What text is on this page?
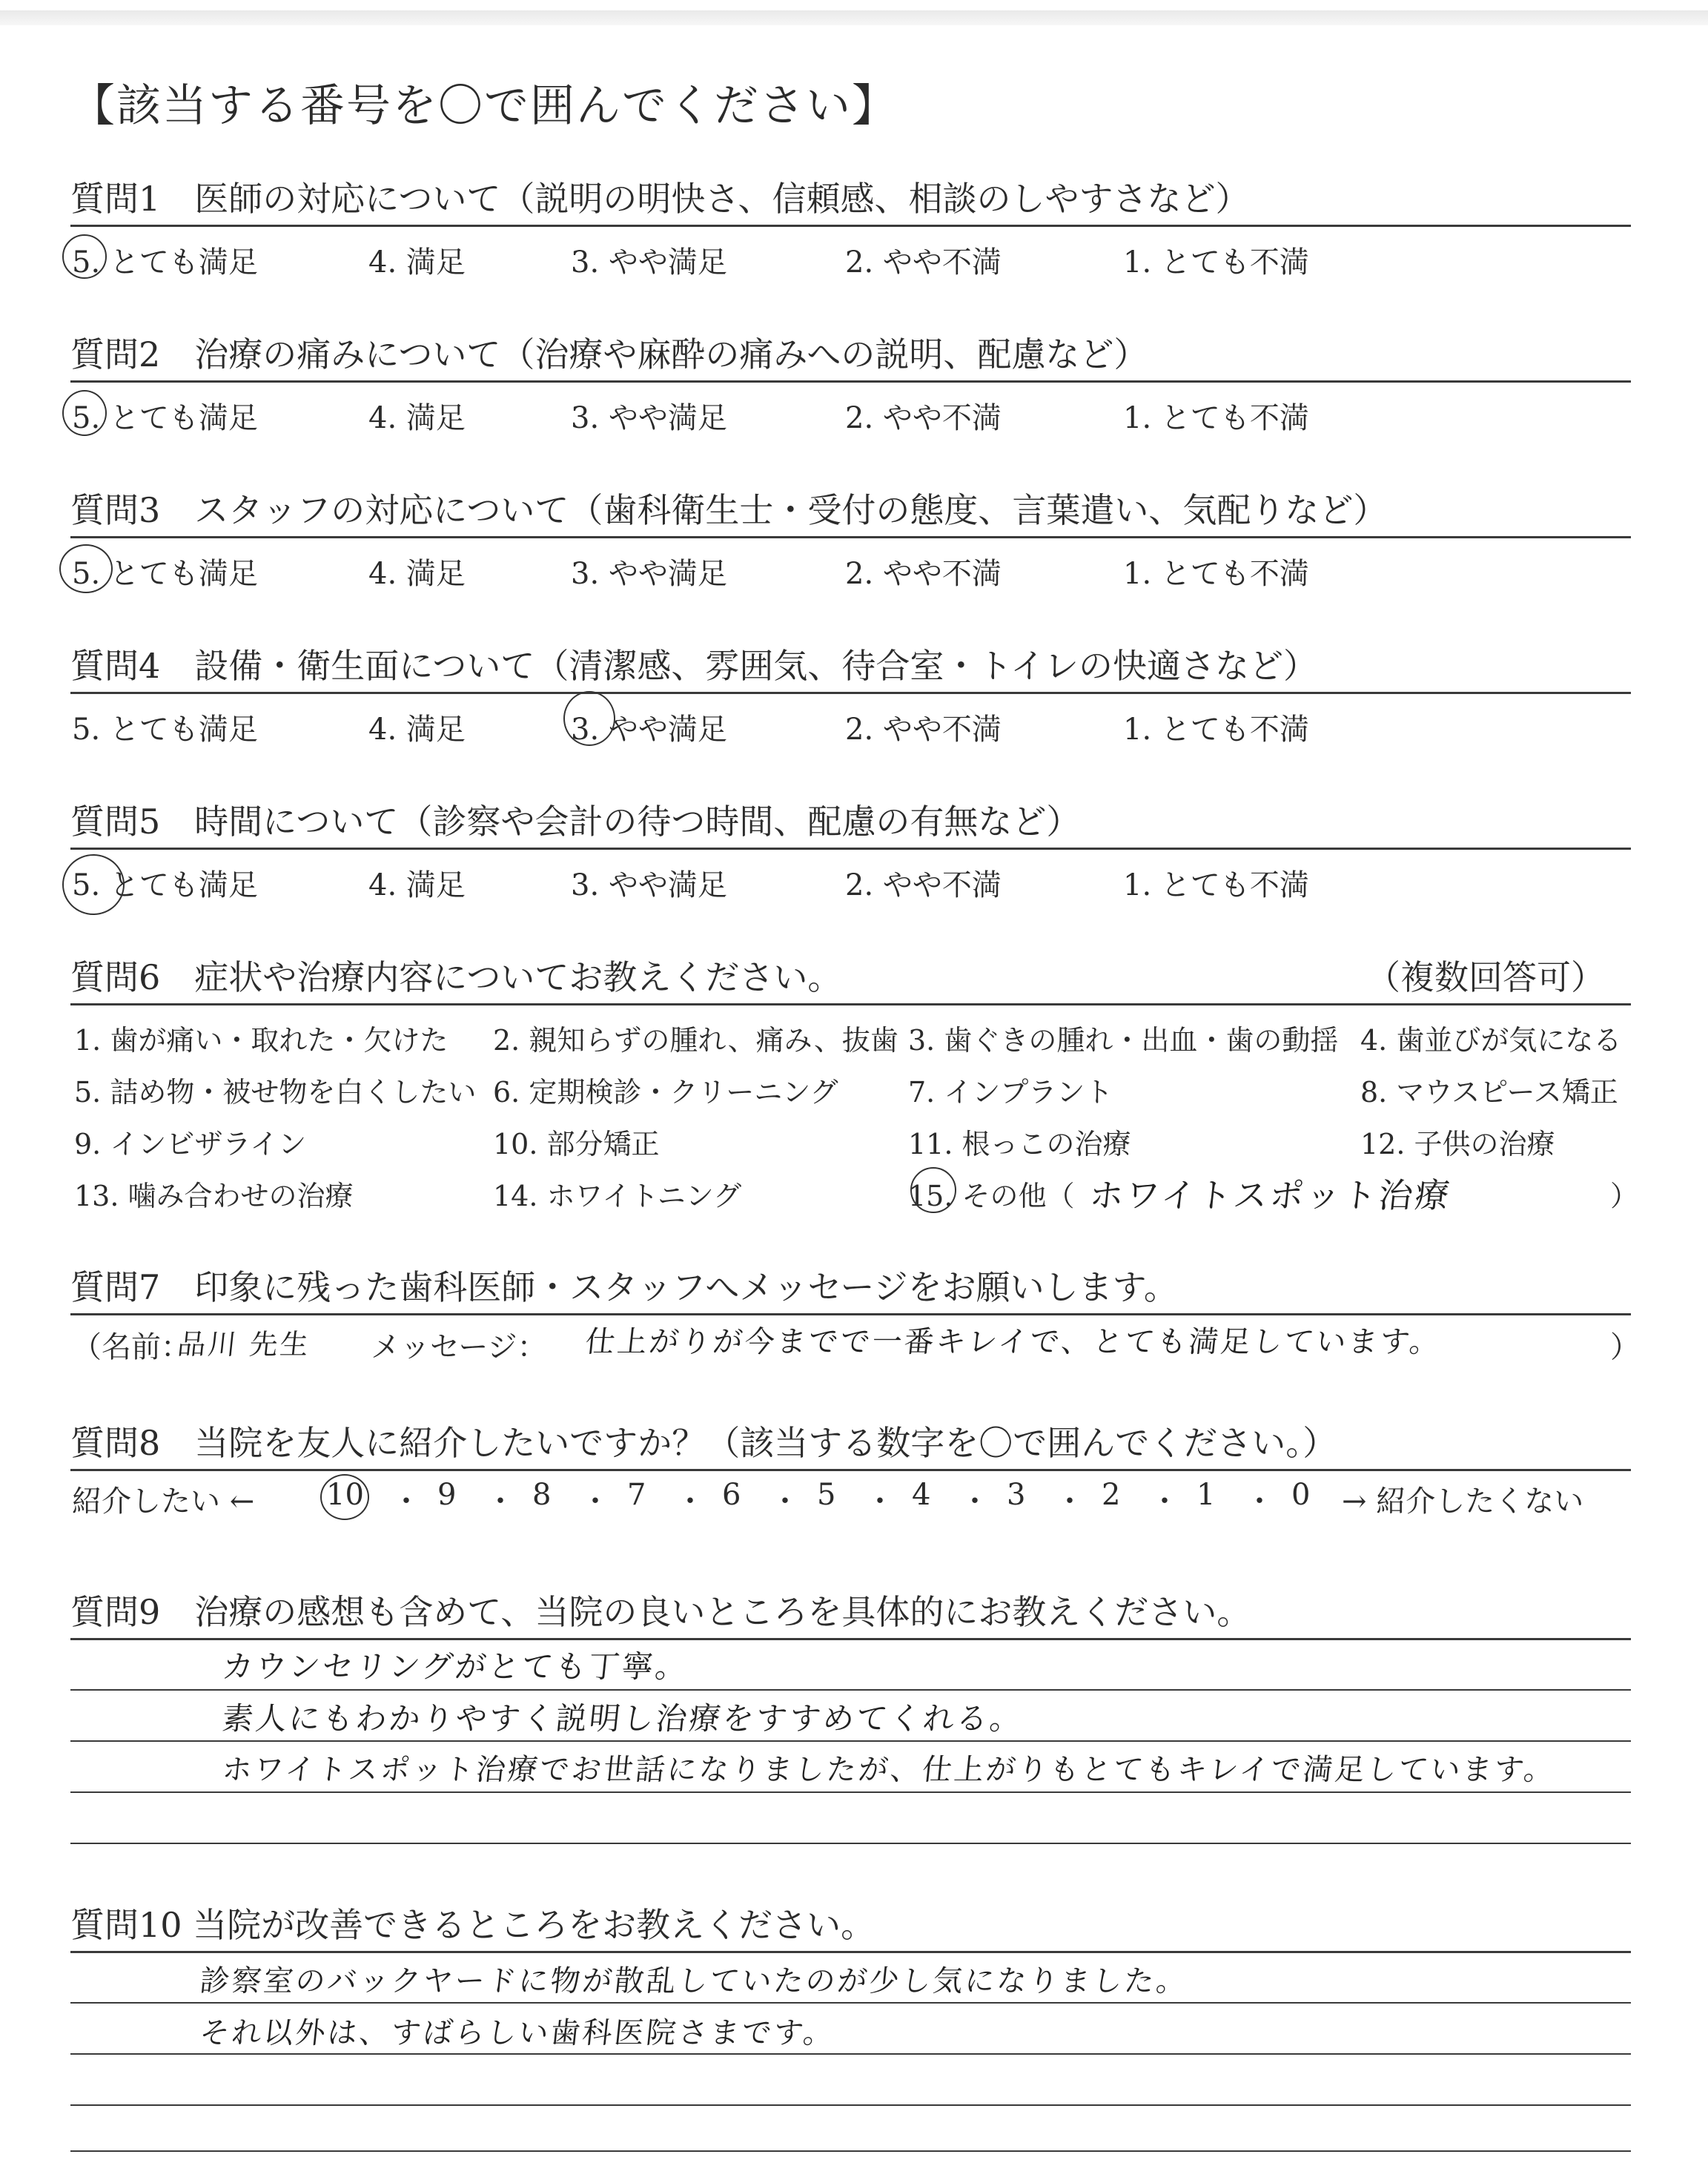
【該当する番号を〇で囲んでください】
質問1　医師の対応について（説明の明快さ、信頼感、相談のしやすさなど）
5. とても満足	4. 満足	3. やや満足	2. やや不満	1. とても不満
質問2　治療の痛みについて（治療や麻酔の痛みへの説明、配慮など）
5. とても満足	4. 満足	3. やや満足	2. やや不満	1. とても不満
質問3　スタッフの対応について（歯科衛生士・受付の態度、言葉遣い、気配りなど）
5. とても満足	4. 満足	3. やや満足	2. やや不満	1. とても不満
質問4　設備・衛生面について（清潔感、雰囲気、待合室・トイレの快適さなど）
5. とても満足	4. 満足	3. やや満足	2. やや不満	1. とても不満
質問5　時間について（診察や会計の待つ時間、配慮の有無など）
5. とても満足	4. 満足	3. やや満足	2. やや不満	1. とても不満
質問6　症状や治療内容についてお教えください。	（複数回答可）
1. 歯が痛い・取れた・欠けた 2. 親知らずの腫れ、痛み、抜歯 3. 歯ぐきの腫れ・出血・歯の動揺 4. 歯並びが気になる
5. 詰め物・被せ物を白くしたい 6. 定期検診・クリーニング 7. インプラント	8. マウスピース矯正
9. インビザライン	10. 部分矯正	11. 根っこの治療	12. 子供の治療
13. 噛み合わせの治療	14. ホワイトニング	15. その他（ ホワイトスポット治療	）
質問7　印象に残った歯科医師・スタッフへメッセージをお願いします。
（名前：
品川 先生 メッセージ： 仕上がりが今までで一番キレイで、とても満足しています。	）
質問8　当院を友人に紹介したいですか？（該当する数字を〇で囲んでください。）
紹介したい ← 10 ・ 9 ・ 8 ・ 7 ・ 6 ・ 5 ・ 4 ・ 3 ・ 2 ・ 1 ・ 0 → 紹介したくない
質問9　治療の感想も含めて、当院の良いところを具体的にお教えください。
カウンセリングがとても丁寧。
素人にもわかりやすく説明し治療をすすめてくれる。
ホワイトスポット治療でお世話になりましたが、仕上がりもとてもキレイで満足しています。
質問10 当院が改善できるところをお教えください。
診察室のバックヤードに物が散乱していたのが少し気になりました。
それ以外は、すばらしい歯科医院さまです。
